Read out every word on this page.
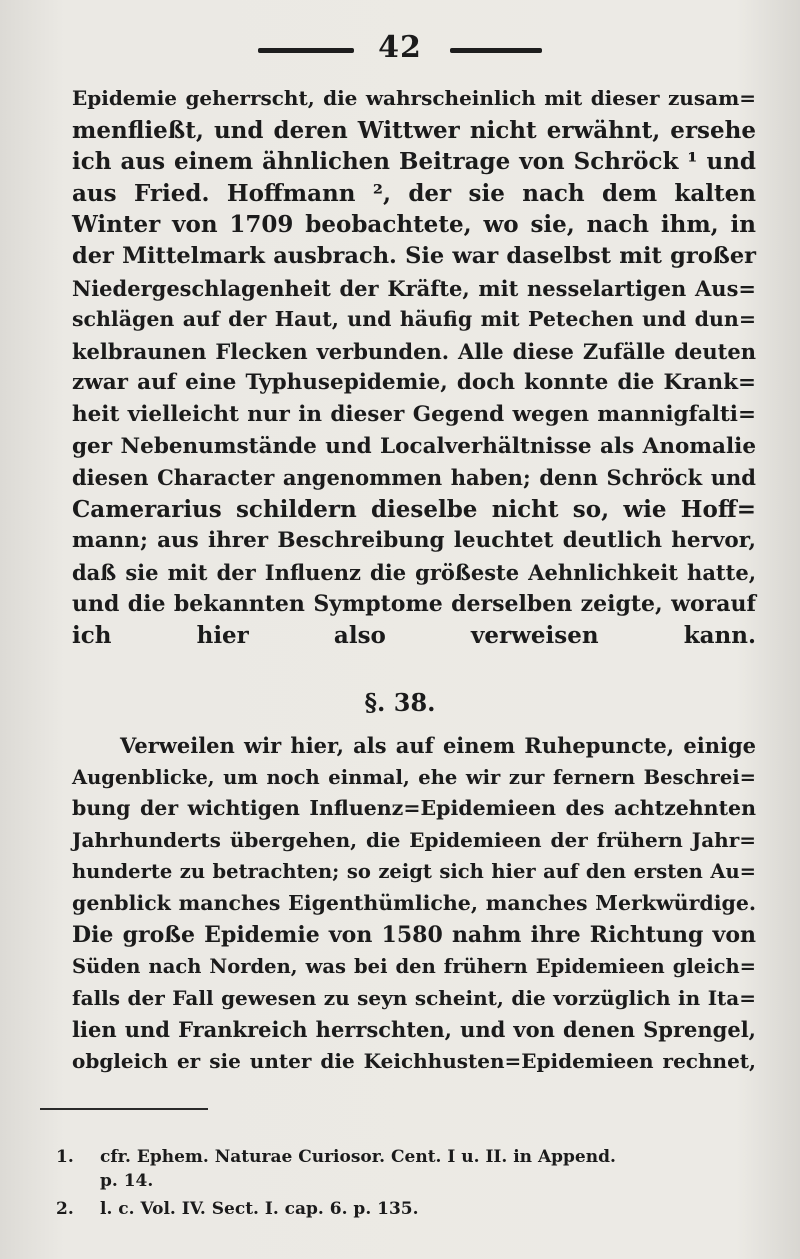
42
Epidemie geherrscht, die wahrscheinlich mit dieser zusam=
menfließt, und deren Wittwer nicht erwähnt, ersehe
ich aus einem ähnlichen Beitrage von Schröck ¹ und
aus Fried. Hoffmann ², der sie nach dem kalten
Winter von 1709 beobachtete, wo sie, nach ihm, in
der Mittelmark ausbrach. Sie war daselbst mit großer
Niedergeschlagenheit der Kräfte, mit nesselartigen Aus=
schlägen auf der Haut, und häufig mit Petechen und dun=
kelbraunen Flecken verbunden. Alle diese Zufälle deuten
zwar auf eine Typhusepidemie, doch konnte die Krank=
heit vielleicht nur in dieser Gegend wegen mannigfalti=
ger Nebenumstände und Localverhältnisse als Anomalie
diesen Character angenommen haben; denn Schröck und
Camerarius schildern dieselbe nicht so, wie Hoff=
mann; aus ihrer Beschreibung leuchtet deutlich hervor,
daß sie mit der Influenz die größeste Aehnlichkeit hatte,
und die bekannten Symptome derselben zeigte, worauf
ich hier also verweisen kann.
§. 38.
Verweilen wir hier, als auf einem Ruhepuncte, einige
Augenblicke, um noch einmal, ehe wir zur fernern Beschrei=
bung der wichtigen Influenz=Epidemieen des achtzehnten
Jahrhunderts übergehen, die Epidemieen der frühern Jahr=
hunderte zu betrachten; so zeigt sich hier auf den ersten Au=
genblick manches Eigenthümliche, manches Merkwürdige.
Die große Epidemie von 1580 nahm ihre Richtung von
Süden nach Norden, was bei den frühern Epidemieen gleich=
falls der Fall gewesen zu seyn scheint, die vorzüglich in Ita=
lien und Frankreich herrschten, und von denen Sprengel,
obgleich er sie unter die Keichhusten=Epidemieen rechnet,
1. cfr. Ephem. Naturae Curiosor. Cent. I u. II. in Append.
p. 14.
2. l. c. Vol. IV. Sect. I. cap. 6. p. 135.
